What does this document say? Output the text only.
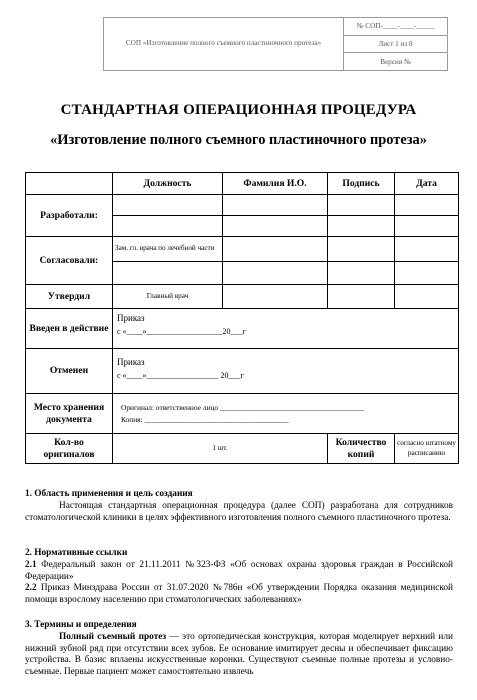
СОП «Изготовление полного съемного пластиночного протеза»
№ СОП-____-____-_____
Лист 1 из 8
Версия №
СТАНДАРТНАЯ ОПЕРАЦИОННАЯ ПРОЦЕДУРА
«Изготовление полного съемного пластиночного протеза»
	Должность	Фамилия И.О.	Подпись	Дата
Разработали:				

Согласовали:	Зам. гл. врача по лечебной части			

Утвердил	Главный врач			
Введен в действие	Приказ
с «____»___________________20___г			

Отменен	Приказ
с «____»__________________ 20___г			

Место хранения документа	Оригинал: ответственное лицо _______________________________________
Копия: _______________________________________			

Кол-во оригиналов	1 шт.		Количество копий	согласно штатному расписанию
1. Область применения и цель создания

Настоящая стандартная операционная процедура (далее СОП) разработана для сотрудников стоматологической клиники в целях эффективного изготовления полного съемного пластиночного протеза.

2. Нормативные ссылки

2.1 Федеральный закон от 21.11.2011 №323-ФЗ «Об основах охраны здоровья граждан в Российской Федерации»

2.2 Приказ Минздрава России от 31.07.2020 №786н «Об утверждении Порядка оказания медицинской помощи взрослому населению при стоматологических заболеваниях»

3. Термины и определения

Полный съемный протез — это ортопедическая конструкция, которая моделирует верхний или нижний зубной ряд при отсутствии всех зубов. Ее основание имитирует десны и обеспечивает фиксацию устройства. В базис вплаены искусственные коронки. Существуют съемные полные протезы и условно-съемные. Первые пациент может самостоятельно извлечь
